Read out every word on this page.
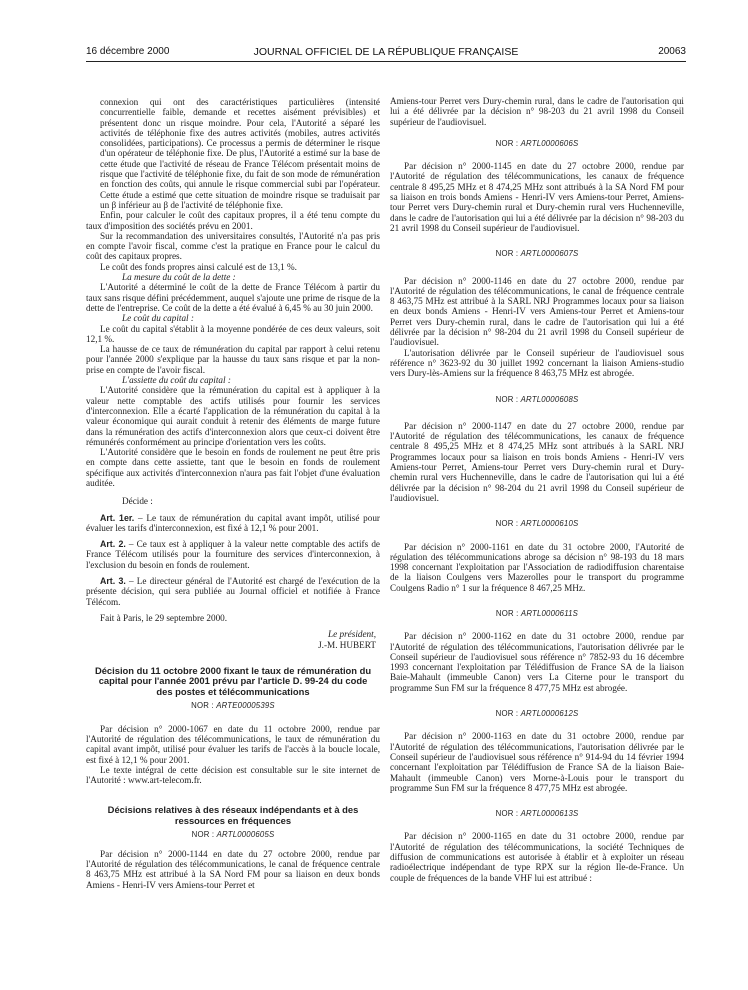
16 décembre 2000	JOURNAL OFFICIEL DE LA RÉPUBLIQUE FRANÇAISE	20063

connexion qui ont des caractéristiques particulières (intensité concurrentielle faible, demande et recettes aisément prévisibles) et présentent donc un risque moindre. Pour cela, l'Autorité a séparé les activités de téléphonie fixe des autres activités (mobiles, autres activités consolidées, participations). Ce processus a permis de déterminer le risque d'un opérateur de téléphonie fixe. De plus, l'Autorité a estimé sur la base de cette étude que l'activité de réseau de France Télécom présentait moins de risque que l'activité de téléphonie fixe, du fait de son mode de rémunération en fonction des coûts, qui annule le risque commercial subi par l'opérateur. Cette étude a estimé que cette situation de moindre risque se traduisait par un β inférieur au β de l'activité de téléphonie fixe.

Enfin, pour calculer le coût des capitaux propres, il a été tenu compte du taux d'imposition des sociétés prévu en 2001.

Sur la recommandation des universitaires consultés, l'Autorité n'a pas pris en compte l'avoir fiscal, comme c'est la pratique en France pour le calcul du coût des capitaux propres.

Le coût des fonds propres ainsi calculé est de 13,1 %.

La mesure du coût de la dette :

L'Autorité a déterminé le coût de la dette de France Télécom à partir du taux sans risque défini précédemment, auquel s'ajoute une prime de risque de la dette de l'entreprise. Ce coût de la dette a été évalué à 6,45 % au 30 juin 2000.

Le coût du capital :

Le coût du capital s'établit à la moyenne pondérée de ces deux valeurs, soit 12,1 %.

La hausse de ce taux de rémunération du capital par rapport à celui retenu pour l'année 2000 s'explique par la hausse du taux sans risque et par la non-prise en compte de l'avoir fiscal.

L'assiette du coût du capital :

L'Autorité considère que la rémunération du capital est à appliquer à la valeur nette comptable des actifs utilisés pour fournir les services d'interconnexion. Elle a écarté l'application de la rémunération du capital à la valeur économique qui aurait conduit à retenir des éléments de marge future dans la rémunération des actifs d'interconnexion alors que ceux-ci doivent être rémunérés conformément au principe d'orientation vers les coûts.

L'Autorité considère que le besoin en fonds de roulement ne peut être pris en compte dans cette assiette, tant que le besoin en fonds de roulement spécifique aux activités d'interconnexion n'aura pas fait l'objet d'une évaluation auditée.

Décide :

Art. 1er. – Le taux de rémunération du capital avant impôt, utilisé pour évaluer les tarifs d'interconnexion, est fixé à 12,1 % pour 2001.

Art. 2. – Ce taux est à appliquer à la valeur nette comptable des actifs de France Télécom utilisés pour la fourniture des services d'interconnexion, à l'exclusion du besoin en fonds de roulement.

Art. 3. – Le directeur général de l'Autorité est chargé de l'exécution de la présente décision, qui sera publiée au Journal officiel et notifiée à France Télécom.

Fait à Paris, le 29 septembre 2000.

Le président,

J.-M. HUBERT

Décision du 11 octobre 2000 fixant le taux de rémunération du capital pour l'année 2001 prévu par l'article D. 99-24 du code des postes et télécommunications

NOR : ARTE0000539S

Par décision n° 2000-1067 en date du 11 octobre 2000, rendue par l'Autorité de régulation des télécommunications, le taux de rémunération du capital avant impôt, utilisé pour évaluer les tarifs de l'accès à la boucle locale, est fixé à 12,1 % pour 2001.

Le texte intégral de cette décision est consultable sur le site internet de l'Autorité : www.art-telecom.fr.

Décisions relatives à des réseaux indépendants et à des ressources en fréquences

NOR : ARTL0000605S

Par décision n° 2000-1144 en date du 27 octobre 2000, rendue par l'Autorité de régulation des télécommunications, le canal de fréquence centrale 8 463,75 MHz est attribué à la SA Nord FM pour sa liaison en deux bonds Amiens - Henri-IV vers Amiens-tour Perret et

Amiens-tour Perret vers Dury-chemin rural, dans le cadre de l'autorisation qui lui a été délivrée par la décision n° 98-203 du 21 avril 1998 du Conseil supérieur de l'audiovisuel.

NOR : ARTL0000606S

Par décision n° 2000-1145 en date du 27 octobre 2000, rendue par l'Autorité de régulation des télécommunications, les canaux de fréquence centrale 8 495,25 MHz et 8 474,25 MHz sont attribués à la SA Nord FM pour sa liaison en trois bonds Amiens - Henri-IV vers Amiens-tour Perret, Amiens-tour Perret vers Dury-chemin rural et Dury-chemin rural vers Huchenneville, dans le cadre de l'autorisation qui lui a été délivrée par la décision n° 98-203 du 21 avril 1998 du Conseil supérieur de l'audiovisuel.

NOR : ARTL0000607S

Par décision n° 2000-1146 en date du 27 octobre 2000, rendue par l'Autorité de régulation des télécommunications, le canal de fréquence centrale 8 463,75 MHz est attribué à la SARL NRJ Programmes locaux pour sa liaison en deux bonds Amiens - Henri-IV vers Amiens-tour Perret et Amiens-tour Perret vers Dury-chemin rural, dans le cadre de l'autorisation qui lui a été délivrée par la décision n° 98-204 du 21 avril 1998 du Conseil supérieur de l'audiovisuel.

L'autorisation délivrée par le Conseil supérieur de l'audiovisuel sous référence n° 3623-92 du 30 juillet 1992 concernant la liaison Amiens-studio vers Dury-lès-Amiens sur la fréquence 8 463,75 MHz est abrogée.

NOR : ARTL0000608S

Par décision n° 2000-1147 en date du 27 octobre 2000, rendue par l'Autorité de régulation des télécommunications, les canaux de fréquence centrale 8 495,25 MHz et 8 474,25 MHz sont attribués à la SARL NRJ Programmes locaux pour sa liaison en trois bonds Amiens - Henri-IV vers Amiens-tour Perret, Amiens-tour Perret vers Dury-chemin rural et Dury-chemin rural vers Huchenneville, dans le cadre de l'autorisation qui lui a été délivrée par la décision n° 98-204 du 21 avril 1998 du Conseil supérieur de l'audiovisuel.

NOR : ARTL0000610S

Par décision n° 2000-1161 en date du 31 octobre 2000, l'Autorité de régulation des télécommunications abroge sa décision n° 98-193 du 18 mars 1998 concernant l'exploitation par l'Association de radiodiffusion charentaise de la liaison Coulgens vers Mazerolles pour le transport du programme Coulgens Radio n° 1 sur la fréquence 8 467,25 MHz.

NOR : ARTL0000611S

Par décision n° 2000-1162 en date du 31 octobre 2000, rendue par l'Autorité de régulation des télécommunications, l'autorisation délivrée par le Conseil supérieur de l'audiovisuel sous référence n° 7852-93 du 16 décembre 1993 concernant l'exploitation par Télédiffusion de France SA de la liaison Baie-Mahault (immeuble Canon) vers La Citerne pour le transport du programme Sun FM sur la fréquence 8 477,75 MHz est abrogée.

NOR : ARTL0000612S

Par décision n° 2000-1163 en date du 31 octobre 2000, rendue par l'Autorité de régulation des télécommunications, l'autorisation délivrée par le Conseil supérieur de l'audiovisuel sous référence n° 914-94 du 14 février 1994 concernant l'exploitation par Télédiffusion de France SA de la liaison Baie-Mahault (immeuble Canon) vers Morne-à-Louis pour le transport du programme Sun FM sur la fréquence 8 477,75 MHz est abrogée.

NOR : ARTL0000613S

Par décision n° 2000-1165 en date du 31 octobre 2000, rendue par l'Autorité de régulation des télécommunications, la société Techniques de diffusion de communications est autorisée à établir et à exploiter un réseau radioélectrique indépendant de type RPX sur la région Ile-de-France. Un couple de fréquences de la bande VHF lui est attribué :
